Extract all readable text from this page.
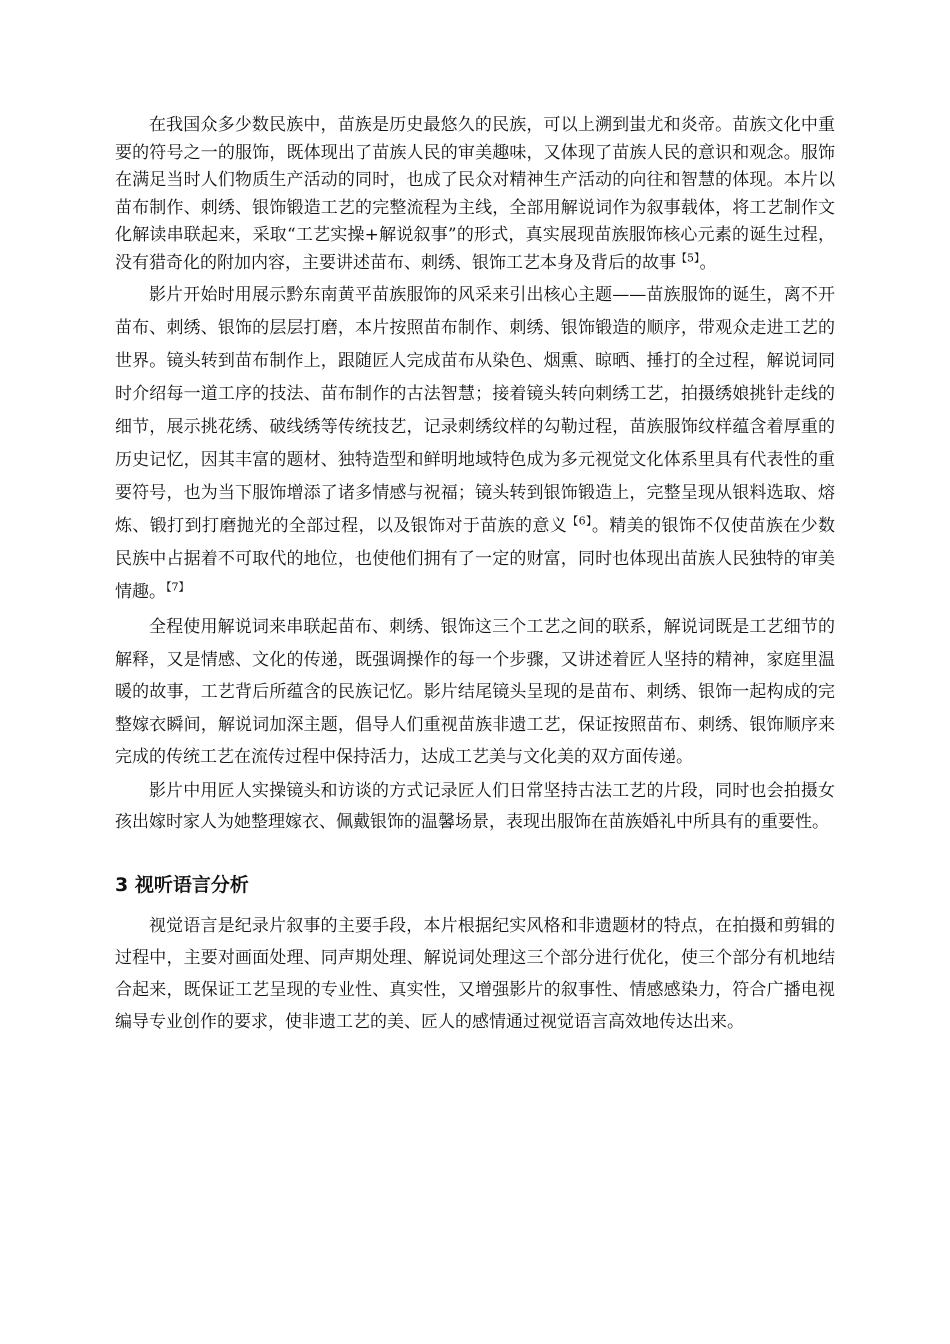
在我国众多少数民族中，苗族是历史最悠久的民族，可以上溯到蚩尤和炎帝。苗族文化中重要的符号之一的服饰，既体现出了苗族人民的审美趣味，又体现了苗族人民的意识和观念。服饰在满足当时人们物质生产活动的同时，也成了民众对精神生产活动的向往和智慧的体现。本片以苗布制作、刺绣、银饰锻造工艺的完整流程为主线，全部用解说词作为叙事载体，将工艺制作文化解读串联起来，采取“工艺实操+解说叙事”的形式，真实展现苗族服饰核心元素的诞生过程，没有猎奇化的附加内容，主要讲述苗布、刺绣、银饰工艺本身及背后的故事$^{【5】}$。

影片开始时用展示黔东南黄平苗族服饰的风采来引出核心主题——苗族服饰的诞生，离不开苗布、刺绣、银饰的层层打磨，本片按照苗布制作、刺绣、银饰锻造的顺序，带观众走进工艺的世界。镜头转到苗布制作上，跟随匠人完成苗布从染色、烟熏、晾晒、捶打的全过程，解说词同时介绍每一道工序的技法、苗布制作的古法智慧；接着镜头转向刺绣工艺，拍摄绣娘挑针走线的细节，展示挑花绣、破线绣等传统技艺，记录刺绣纹样的勾勒过程，苗族服饰纹样蕴含着厚重的历史记忆，因其丰富的题材、独特造型和鲜明地域特色成为多元视觉文化体系里具有代表性的重要符号，也为当下服饰增添了诸多情感与祝福；镜头转到银饰锻造上，完整呈现从银料选取、熔炼、锻打到打磨抛光的全部过程，以及银饰对于苗族的意义$^{【6】}$。精美的银饰不仅使苗族在少数民族中占据着不可取代的地位，也使他们拥有了一定的财富，同时也体现出苗族人民独特的审美情趣。$^{【7】}$

全程使用解说词来串联起苗布、刺绣、银饰这三个工艺之间的联系，解说词既是工艺细节的解释，又是情感、文化的传递，既强调操作的每一个步骤，又讲述着匠人坚持的精神，家庭里温暖的故事，工艺背后所蕴含的民族记忆。影片结尾镜头呈现的是苗布、刺绣、银饰一起构成的完整嫁衣瞬间，解说词加深主题，倡导人们重视苗族非遗工艺，保证按照苗布、刺绣、银饰顺序来完成的传统工艺在流传过程中保持活力，达成工艺美与文化美的双方面传递。

影片中用匠人实操镜头和访谈的方式记录匠人们日常坚持古法工艺的片段，同时也会拍摄女孩出嫁时家人为她整理嫁衣、佩戴银饰的温馨场景，表现出服饰在苗族婚礼中所具有的重要性。

3 视听语言分析

视觉语言是纪录片叙事的主要手段，本片根据纪实风格和非遗题材的特点，在拍摄和剪辑的过程中，主要对画面处理、同声期处理、解说词处理这三个部分进行优化，使三个部分有机地结合起来，既保证工艺呈现的专业性、真实性，又增强影片的叙事性、情感感染力，符合广播电视编导专业创作的要求，使非遗工艺的美、匠人的感情通过视觉语言高效地传达出来。
